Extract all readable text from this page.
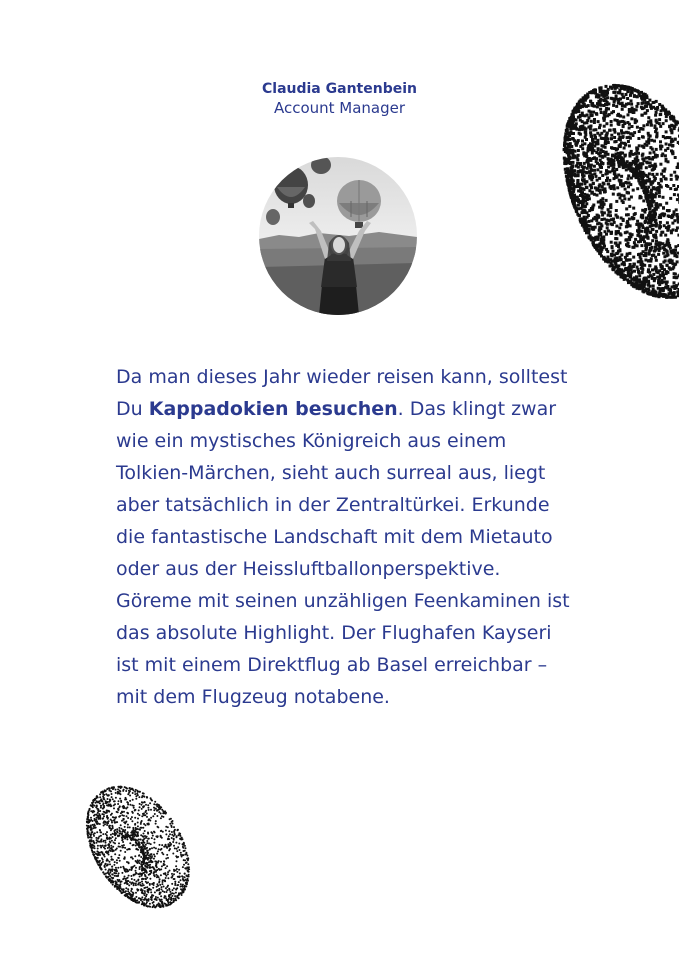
Claudia Gantenbein
Account Manager

Da man dieses Jahr wieder reisen kann, solltest Du Kappadokien besuchen. Das klingt zwar wie ein mystisches Königreich aus einem Tolkien-Märchen, sieht auch surreal aus, liegt aber tatsächlich in der Zentraltürkei. Erkunde die fantastische Landschaft mit dem Mietauto oder aus der Heissluftballonperspektive. Göreme mit seinen unzähligen Feenkaminen ist das absolute Highlight. Der Flughafen Kayseri ist mit einem Direktflug ab Basel erreichbar – mit dem Flugzeug notabene.
